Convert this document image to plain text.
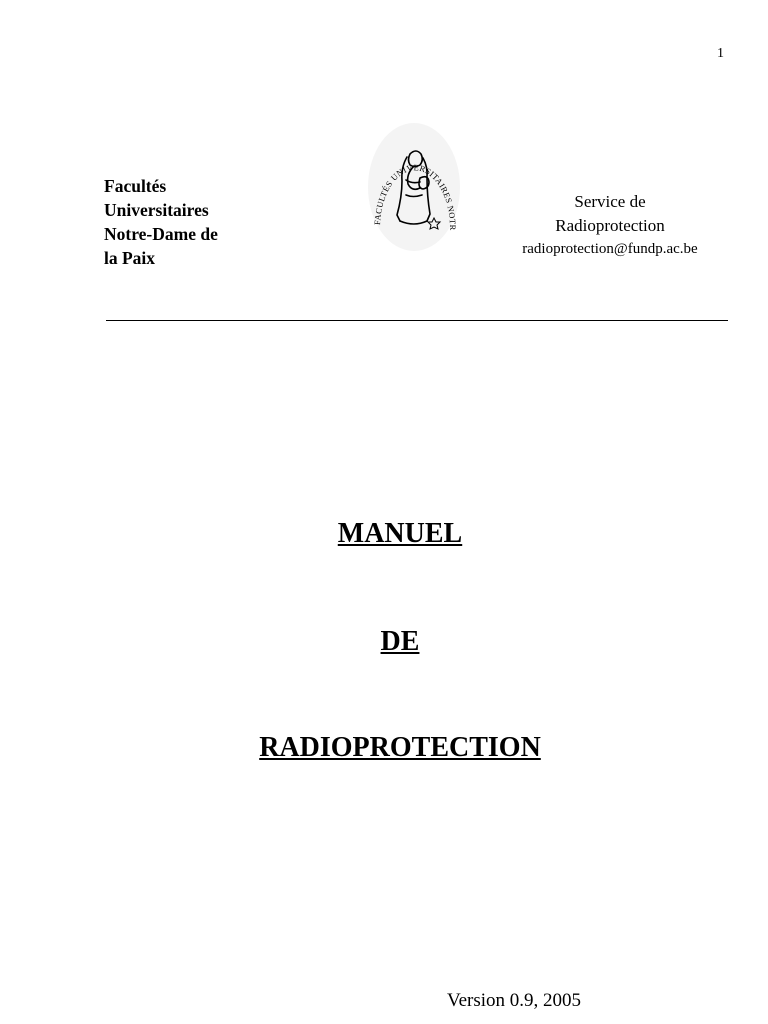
1
Facultés
Universitaires
Notre-Dame de
la Paix
FACULTÉS UNIVERSITAIRES NOTR
Service de
Radioprotection
radioprotection@fundp.ac.be
MANUEL
DE
RADIOPROTECTION
Version 0.9, 2005
